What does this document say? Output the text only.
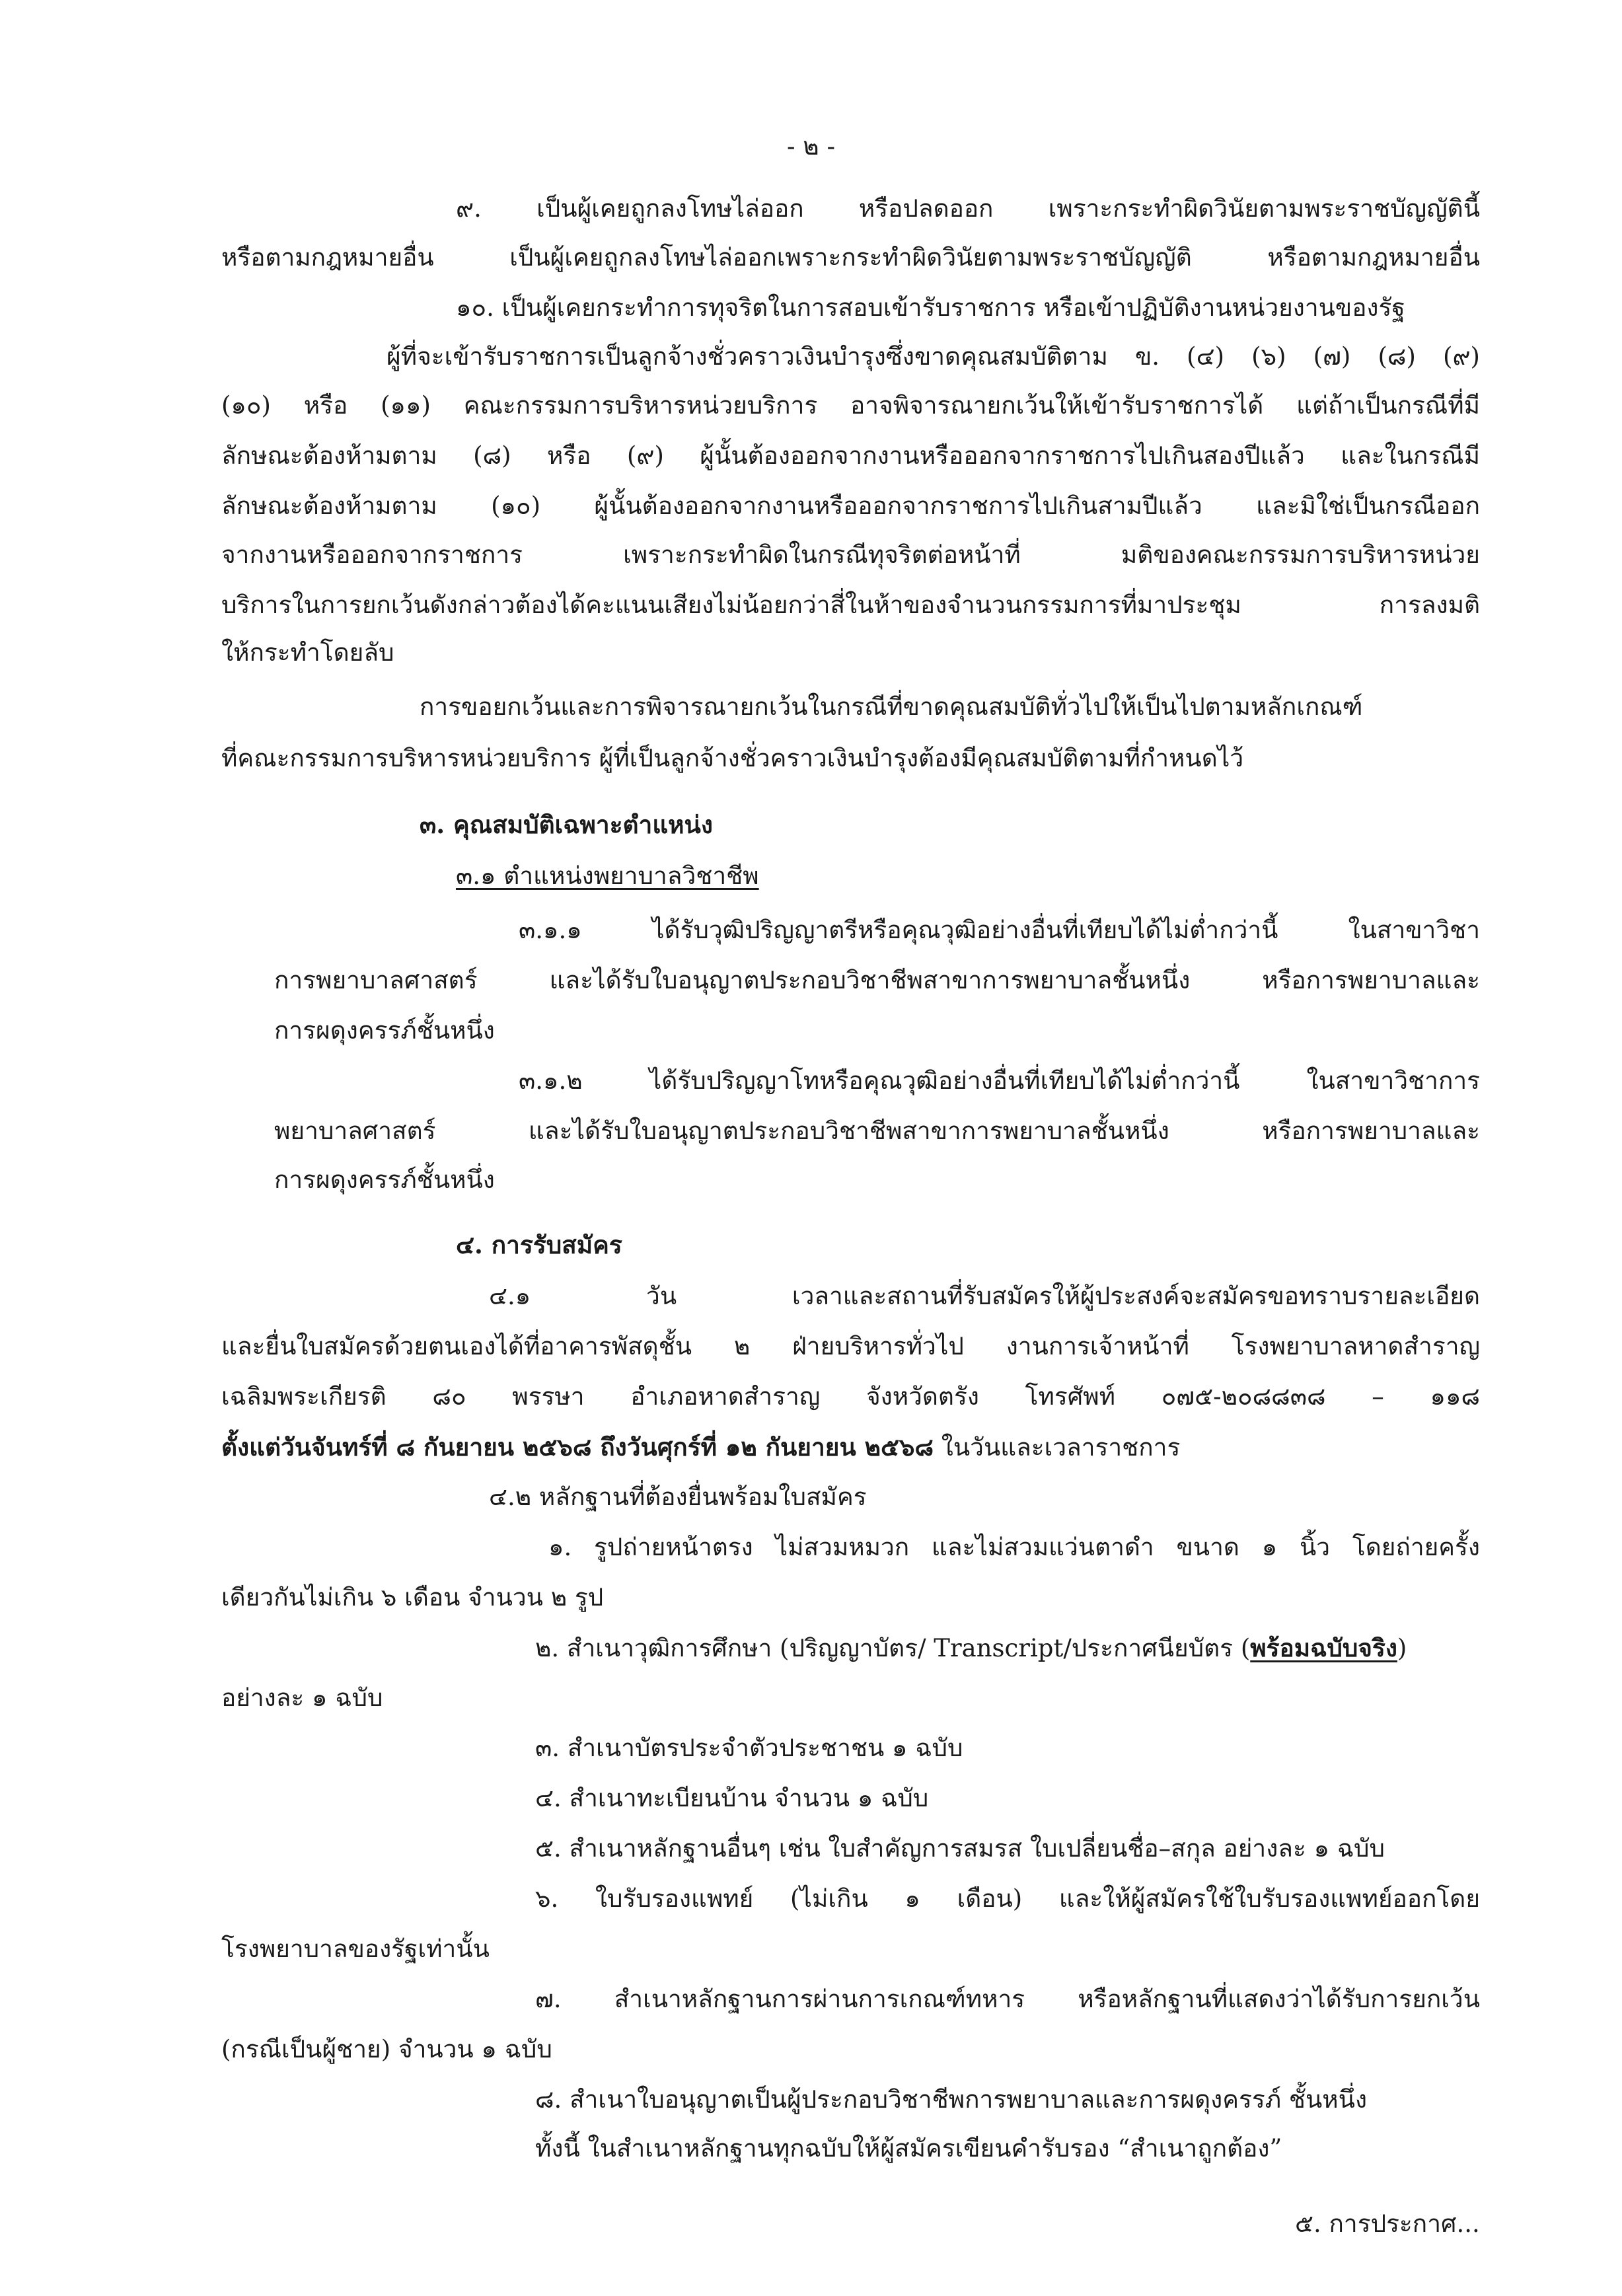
- ๒ -

๙. เป็นผู้เคยถูกลงโทษไล่ออก หรือปลดออก เพราะกระทำผิดวินัยตามพระราชบัญญัตินี้

หรือตามกฎหมายอื่น เป็นผู้เคยถูกลงโทษไล่ออกเพราะกระทำผิดวินัยตามพระราชบัญญัติ หรือตามกฎหมายอื่น

๑๐. เป็นผู้เคยกระทำการทุจริตในการสอบเข้ารับราชการ หรือเข้าปฏิบัติงานหน่วยงานของรัฐ

ผู้ที่จะเข้ารับราชการเป็นลูกจ้างชั่วคราวเงินบำรุงซึ่งขาดคุณสมบัติตาม ข. (๔) (๖) (๗) (๘) (๙)

(๑๐) หรือ (๑๑) คณะกรรมการบริหารหน่วยบริการ อาจพิจารณายกเว้นให้เข้ารับราชการได้ แต่ถ้าเป็นกรณีที่มี

ลักษณะต้องห้ามตาม (๘) หรือ (๙) ผู้นั้นต้องออกจากงานหรือออกจากราชการไปเกินสองปีแล้ว และในกรณีมี

ลักษณะต้องห้ามตาม (๑๐) ผู้นั้นต้องออกจากงานหรือออกจากราชการไปเกินสามปีแล้ว และมิใช่เป็นกรณีออก

จากงานหรือออกจากราชการ เพราะกระทำผิดในกรณีทุจริตต่อหน้าที่ มติของคณะกรรมการบริหารหน่วย

บริการในการยกเว้นดังกล่าวต้องได้คะแนนเสียงไม่น้อยกว่าสี่ในห้าของจำนวนกรรมการที่มาประชุม การลงมติ

ให้กระทำโดยลับ

การขอยกเว้นและการพิจารณายกเว้นในกรณีที่ขาดคุณสมบัติทั่วไปให้เป็นไปตามหลักเกณฑ์

ที่คณะกรรมการบริหารหน่วยบริการ ผู้ที่เป็นลูกจ้างชั่วคราวเงินบำรุงต้องมีคุณสมบัติตามที่กำหนดไว้

๓. คุณสมบัติเฉพาะตำแหน่ง

๓.๑ ตำแหน่งพยาบาลวิชาชีพ

๓.๑.๑ ได้รับวุฒิปริญญาตรีหรือคุณวุฒิอย่างอื่นที่เทียบได้ไม่ต่ำกว่านี้ ในสาขาวิชา

การพยาบาลศาสตร์ และได้รับใบอนุญาตประกอบวิชาชีพสาขาการพยาบาลชั้นหนึ่ง หรือการพยาบาลและ

การผดุงครรภ์ชั้นหนึ่ง

๓.๑.๒ ได้รับปริญญาโทหรือคุณวุฒิอย่างอื่นที่เทียบได้ไม่ต่ำกว่านี้ ในสาขาวิชาการ

พยาบาลศาสตร์ และได้รับใบอนุญาตประกอบวิชาชีพสาขาการพยาบาลชั้นหนึ่ง หรือการพยาบาลและ

การผดุงครรภ์ชั้นหนึ่ง

๔. การรับสมัคร

๔.๑ วัน เวลาและสถานที่รับสมัครให้ผู้ประสงค์จะสมัครขอทราบรายละเอียด

และยื่นใบสมัครด้วยตนเองได้ที่อาคารพัสดุชั้น ๒ ฝ่ายบริหารทั่วไป งานการเจ้าหน้าที่ โรงพยาบาลหาดสำราญ

เฉลิมพระเกียรติ ๘๐ พรรษา อำเภอหาดสำราญ จังหวัดตรัง โทรศัพท์ ๐๗๕-๒๐๘๘๓๘ – ๑๑๘

ตั้งแต่วันจันทร์ที่ ๘ กันยายน ๒๕๖๘ ถึงวันศุกร์ที่ ๑๒ กันยายน ๒๕๖๘ ในวันและเวลาราชการ

๔.๒ หลักฐานที่ต้องยื่นพร้อมใบสมัคร

๑. รูปถ่ายหน้าตรง ไม่สวมหมวก และไม่สวมแว่นตาดำ ขนาด ๑ นิ้ว โดยถ่ายครั้ง

เดียวกันไม่เกิน ๖ เดือน จำนวน ๒ รูป

๒. สำเนาวุฒิการศึกษา (ปริญญาบัตร/ Transcript/ประกาศนียบัตร (พร้อมฉบับจริง)

อย่างละ ๑ ฉบับ

๓. สำเนาบัตรประจำตัวประชาชน ๑ ฉบับ

๔. สำเนาทะเบียนบ้าน จำนวน ๑ ฉบับ

๕. สำเนาหลักฐานอื่นๆ เช่น ใบสำคัญการสมรส ใบเปลี่ยนชื่อ–สกุล อย่างละ ๑ ฉบับ

๖. ใบรับรองแพทย์ (ไม่เกิน ๑ เดือน) และให้ผู้สมัครใช้ใบรับรองแพทย์ออกโดย

โรงพยาบาลของรัฐเท่านั้น

๗. สำเนาหลักฐานการผ่านการเกณฑ์ทหาร หรือหลักฐานที่แสดงว่าได้รับการยกเว้น

(กรณีเป็นผู้ชาย) จำนวน ๑ ฉบับ

๘. สำเนาใบอนุญาตเป็นผู้ประกอบวิชาชีพการพยาบาลและการผดุงครรภ์ ชั้นหนึ่ง

ทั้งนี้ ในสำเนาหลักฐานทุกฉบับให้ผู้สมัครเขียนคำรับรอง “สำเนาถูกต้อง”

๕. การประกาศ...
